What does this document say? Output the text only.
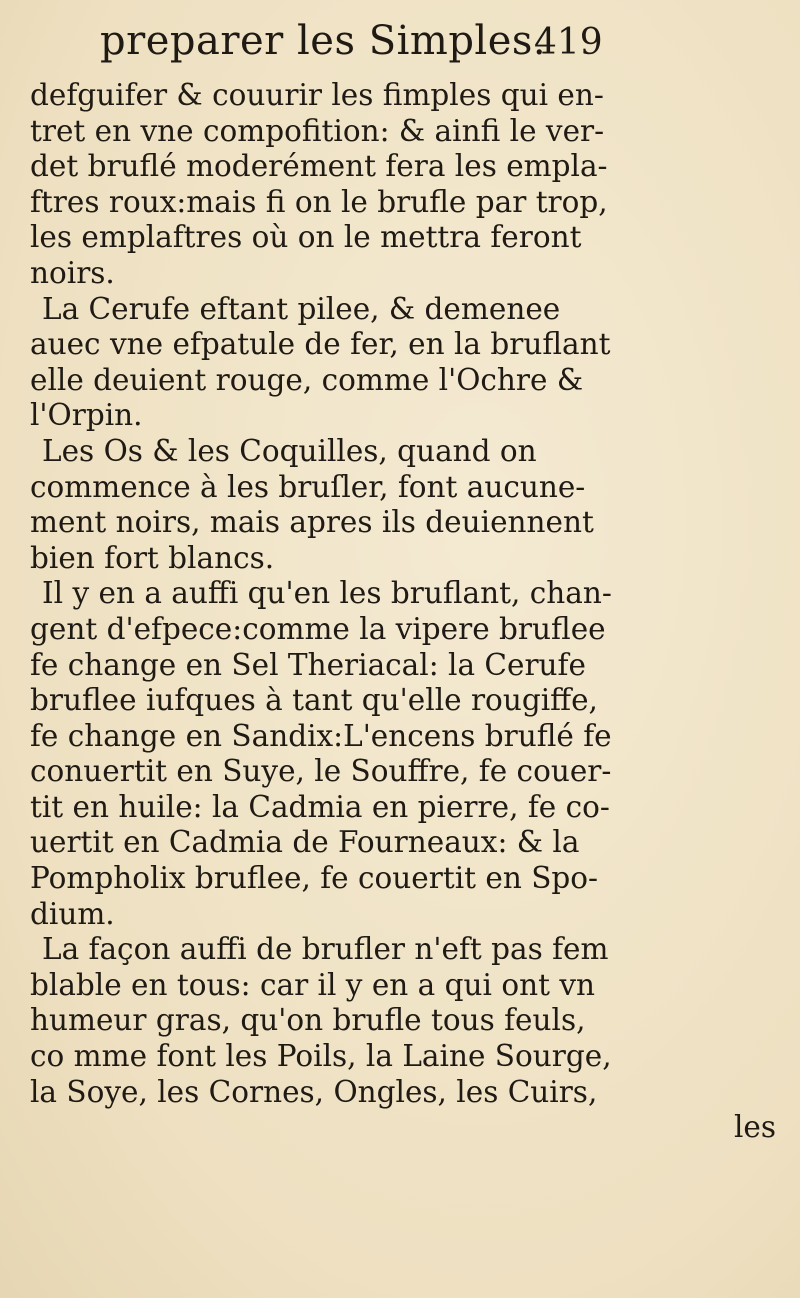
preparer les Simples.
419
defguifer & couurir les fimples qui en-
tret en vne compofition: & ainfi le ver-
det bruflé moderément fera les empla-
ftres roux:mais fi on le brufle par trop,
les emplaftres où on le mettra feront
noirs.
La Cerufe eftant pilee, & demenee
auec vne efpatule de fer, en la bruflant
elle deuient rouge, comme l'Ochre &
l'Orpin.
Les Os & les Coquilles, quand on
commence à les bruſler, font aucune-
ment noirs, mais apres ils deuiennent
bien fort blancs.
Il y en a auffi qu'en les bruflant, chan-
gent d'efpece:comme la vipere bruflee
fe change en Sel Theriacal: la Cerufe
bruflee iufques à tant qu'elle rougiffe,
fe change en Sandix:L'encens bruflé fe
conuertit en Suye, le Souffre, fe couer-
tit en huile: la Cadmia en pierre, fe co-
uertit en Cadmia de Fourneaux: & la
Pompholix bruflee, fe couertit en Spo-
dium.
La façon auffi de brufler n'eft pas fem
blable en tous: car il y en a qui ont vn
humeur gras, qu'on brufle tous feuls,
co mme font les Poils, la Laine Sourge,
la Soye, les Cornes, Ongles, les Cuirs,
les
